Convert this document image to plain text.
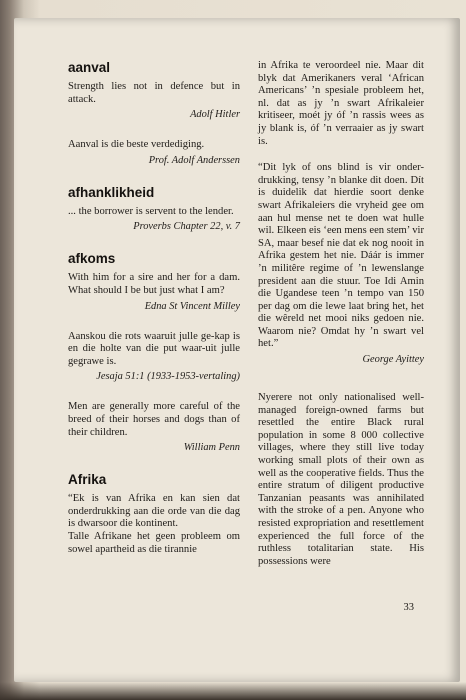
aanval

Strength lies not in defence but in attack.

Adolf Hitler

Aanval is die beste verdediging.

Prof. Adolf Anderssen

afhanklikheid

... the borrower is servent to the lender.

Proverbs Chapter 22, v. 7

afkoms

With him for a sire and her for a dam. What should I be but just what I am?

Edna St Vincent Milley

Aanskou die rots waaruit julle ge-kap is en die holte van die put waar-uit julle gegrawe is.

Jesaja 51:1 (1933-1953-vertaling)

Men are generally more careful of the breed of their horses and dogs than of their children.

William Penn

Afrika

“Ek is van Afrika en kan sien dat onderdrukking aan die orde van die dag is dwarsoor die kontinent.

Talle Afrikane het geen probleem om sowel apartheid as die tirannie

in Afrika te veroordeel nie. Maar dit blyk dat Amerikaners veral ‘African Americans’ ’n spesiale probleem het, nl. dat as jy ’n swart Afrikaleier kritiseer, moét jy óf ’n rassis wees as jy blank is, óf ’n verraaier as jy swart is.

“Dit lyk of ons blind is vir onder-drukking, tensy ’n blanke dit doen. Dít is duidelik dat hierdie soort denke swart Afrikaleiers die vryheid gee om aan hul mense net te doen wat hulle wil. Elkeen eis ‘een mens een stem’ vir SA, maar besef nie dat ek nog nooit in Afrika gestem het nie. Dáár is immer ’n militêre regime of ’n lewenslange president aan die stuur. Toe Idi Amin die Ugandese teen ’n tempo van 150 per dag om die lewe laat bring het, het die wêreld net mooi niks gedoen nie. Waarom nie? Omdat hy ’n swart vel het.”

George Ayittey

Nyerere not only nationalised well-managed foreign-owned farms but resettled the entire Black rural population in some 8 000 collective villages, where they still live today working small plots of their own as well as the cooperative fields. Thus the entire stratum of diligent productive Tanzanian peasants was annihilated with the stroke of a pen. Anyone who resisted expropriation and resettlement experienced the full force of the ruthless totalitarian state. His possessions were

33
